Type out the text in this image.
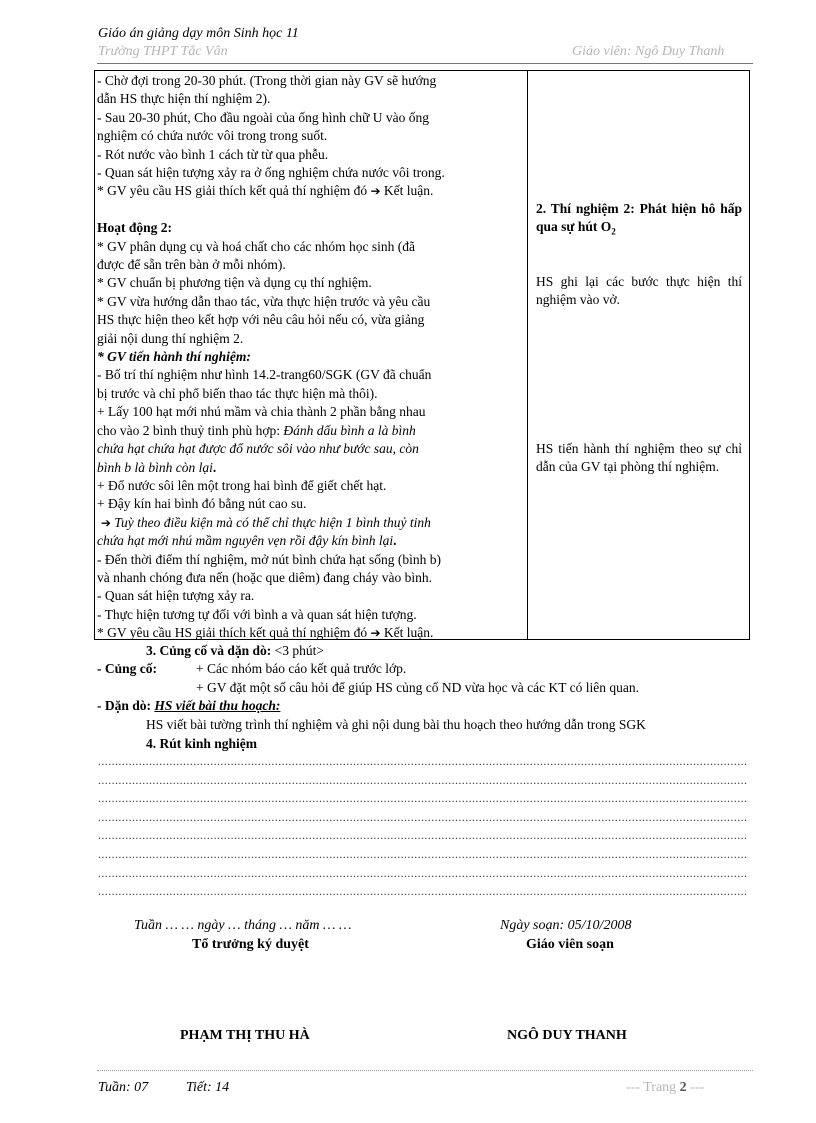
Giáo án giảng dạy môn Sinh học 11
Trường THPT Tắc Vân	Giáo viên: Ngô Duy Thanh
- Chờ đợi trong 20-30 phút. (Trong thời gian này GV sẽ hướng
dẫn HS thực hiện thí nghiệm 2).
- Sau 20-30 phút, Cho đầu ngoài của ống hình chữ U vào ống
nghiệm có chứa nước vôi trong trong suốt.
- Rót nước vào bình 1 cách từ từ qua phễu.
- Quan sát hiện tượng xảy ra ở ống nghiệm chứa nước vôi trong.
* GV yêu cầu HS giải thích kết quả thí nghiệm đó ➔ Kết luận.
Hoạt động 2:
* GV phân dụng cụ và hoá chất cho các nhóm học sinh (đã
được để sẵn trên bàn ở mỗi nhóm).
* GV chuẩn bị phương tiện và dụng cụ thí nghiệm.
* GV vừa hướng dẫn thao tác, vừa thực hiện trước và yêu cầu
HS thực hiện theo kết hợp với nêu câu hỏi nếu có, vừa giảng
giải nội dung thí nghiệm 2.
* GV tiến hành thí nghiệm:
- Bố trí thí nghiệm như hình 14.2-trang60/SGK (GV đã chuẩn
bị trước và chỉ phổ biến thao tác thực hiện mà thôi).
+ Lấy 100 hạt mới nhú mầm và chia thành 2 phần bằng nhau
cho vào 2 bình thuỷ tinh phù hợp: Đánh dấu bình a là bình
chứa hạt chứa hạt được đổ nước sôi vào như bước sau, còn
bình b là bình còn lại.
+ Đổ nước sôi lên một trong hai bình để giết chết hạt.
+ Đậy kín hai bình đó bằng nút cao su.
➔ Tuỳ theo điều kiện mà có thể chỉ thực hiện 1 bình thuỷ tinh
chứa hạt mới nhú mầm nguyên vẹn rồi đậy kín bình lại.
- Đến thời điểm thí nghiệm, mở nút bình chứa hạt sống (bình b)
và nhanh chóng đưa nến (hoặc que diêm) đang cháy vào bình.
- Quan sát hiện tượng xảy ra.
- Thực hiện tương tự đối với bình a và quan sát hiện tượng.
* GV yêu cầu HS giải thích kết quả thí nghiệm đó ➔ Kết luận.
2. Thí nghiệm 2: Phát hiện hô hấp qua sự hút $O_2$
HS ghi lại các bước thực hiện thí nghiệm vào vở.
HS tiến hành thí nghiệm theo sự chỉ dẫn của GV tại phòng thí nghiệm.
3. Củng cố và dặn dò: <3 phút>
- Củng cố:	+ Các nhóm báo cáo kết quả trước lớp.
+ GV đặt một số câu hỏi để giúp HS củng cố ND vừa học và các KT có liên quan.
- Dặn dò: HS viết bài thu hoạch:
HS viết bài tường trình thí nghiệm và ghi nội dung bài thu hoạch theo hướng dẫn trong SGK
4. Rút kinh nghiệm
...............................................................................................................................................................................................
...............................................................................................................................................................................................
...............................................................................................................................................................................................
...............................................................................................................................................................................................
...............................................................................................................................................................................................
...............................................................................................................................................................................................
...............................................................................................................................................................................................
...............................................................................................................................................................................................
Tuần … … ngày … tháng … năm … …
Tổ trưởng ký duyệt
PHẠM THỊ THU HÀ
Ngày soạn: 05/10/2008
Giáo viên soạn
NGÔ DUY THANH
Tuần: 07	Tiết: 14	--- Trang 2 ---
